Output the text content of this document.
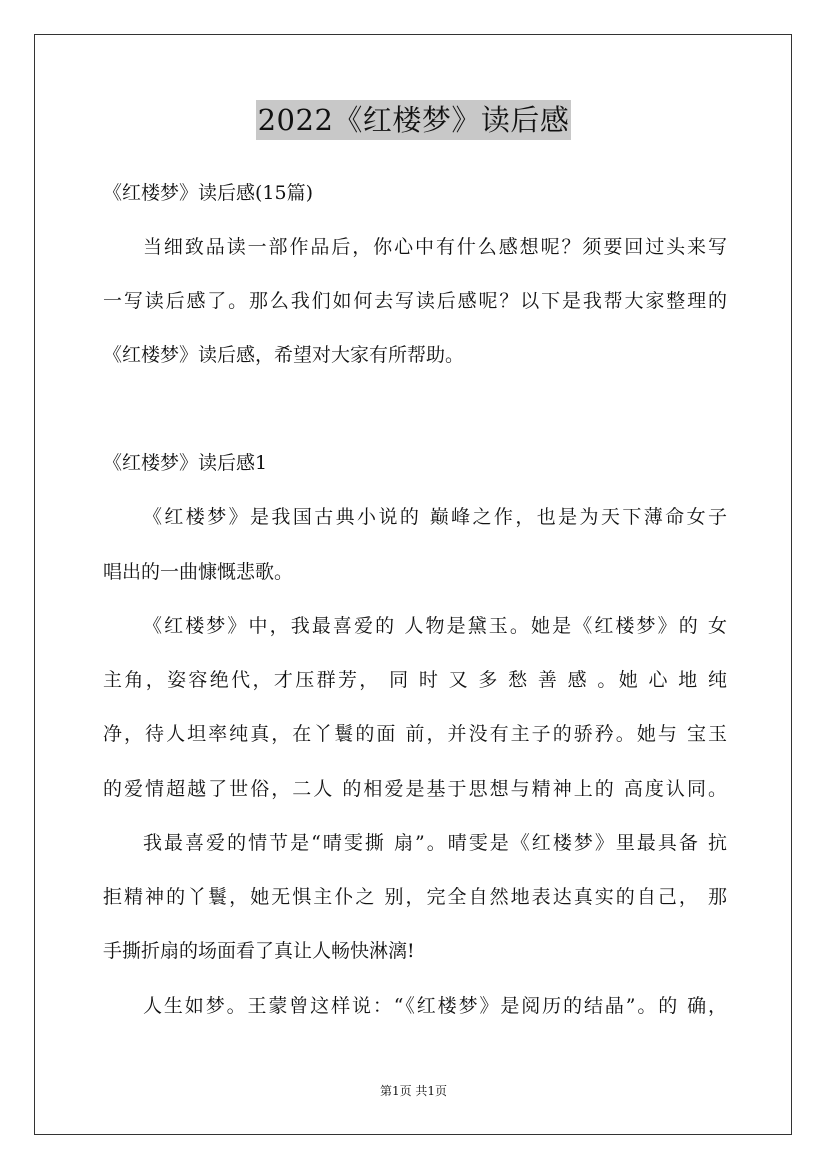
2022《红楼梦》读后感
《红楼梦》读后感(15篇)
当细致品读一部作品后，你心中有什么感想呢？须要回过头来写
一写读后感了。那么我们如何去写读后感呢？以下是我帮大家整理的
《红楼梦》读后感，希望对大家有所帮助。
《红楼梦》读后感1
《红楼梦》是我国古典小说的 巅峰之作，也是为天下薄命女子
唱出的一曲慷慨悲歌。
《红楼梦》中，我最喜爱的 人物是黛玉。她是《红楼梦》的 女
主角，姿容绝代，才压群芳， 同 时 又 多 愁 善 感 。她 心 地 纯
净，待人坦率纯真，在丫鬟的面 前，并没有主子的骄矜。她与 宝玉
的爱情超越了世俗，二人 的相爱是基于思想与精神上的 高度认同。
我最喜爱的情节是“晴雯撕 扇”。晴雯是《红楼梦》里最具备 抗
拒精神的丫鬟，她无惧主仆之 别，完全自然地表达真实的自己， 那
手撕折扇的场面看了真让人畅快淋漓!
人生如梦。王蒙曾这样说：“《红楼梦》是阅历的结晶”。的 确，
第1页 共1页
